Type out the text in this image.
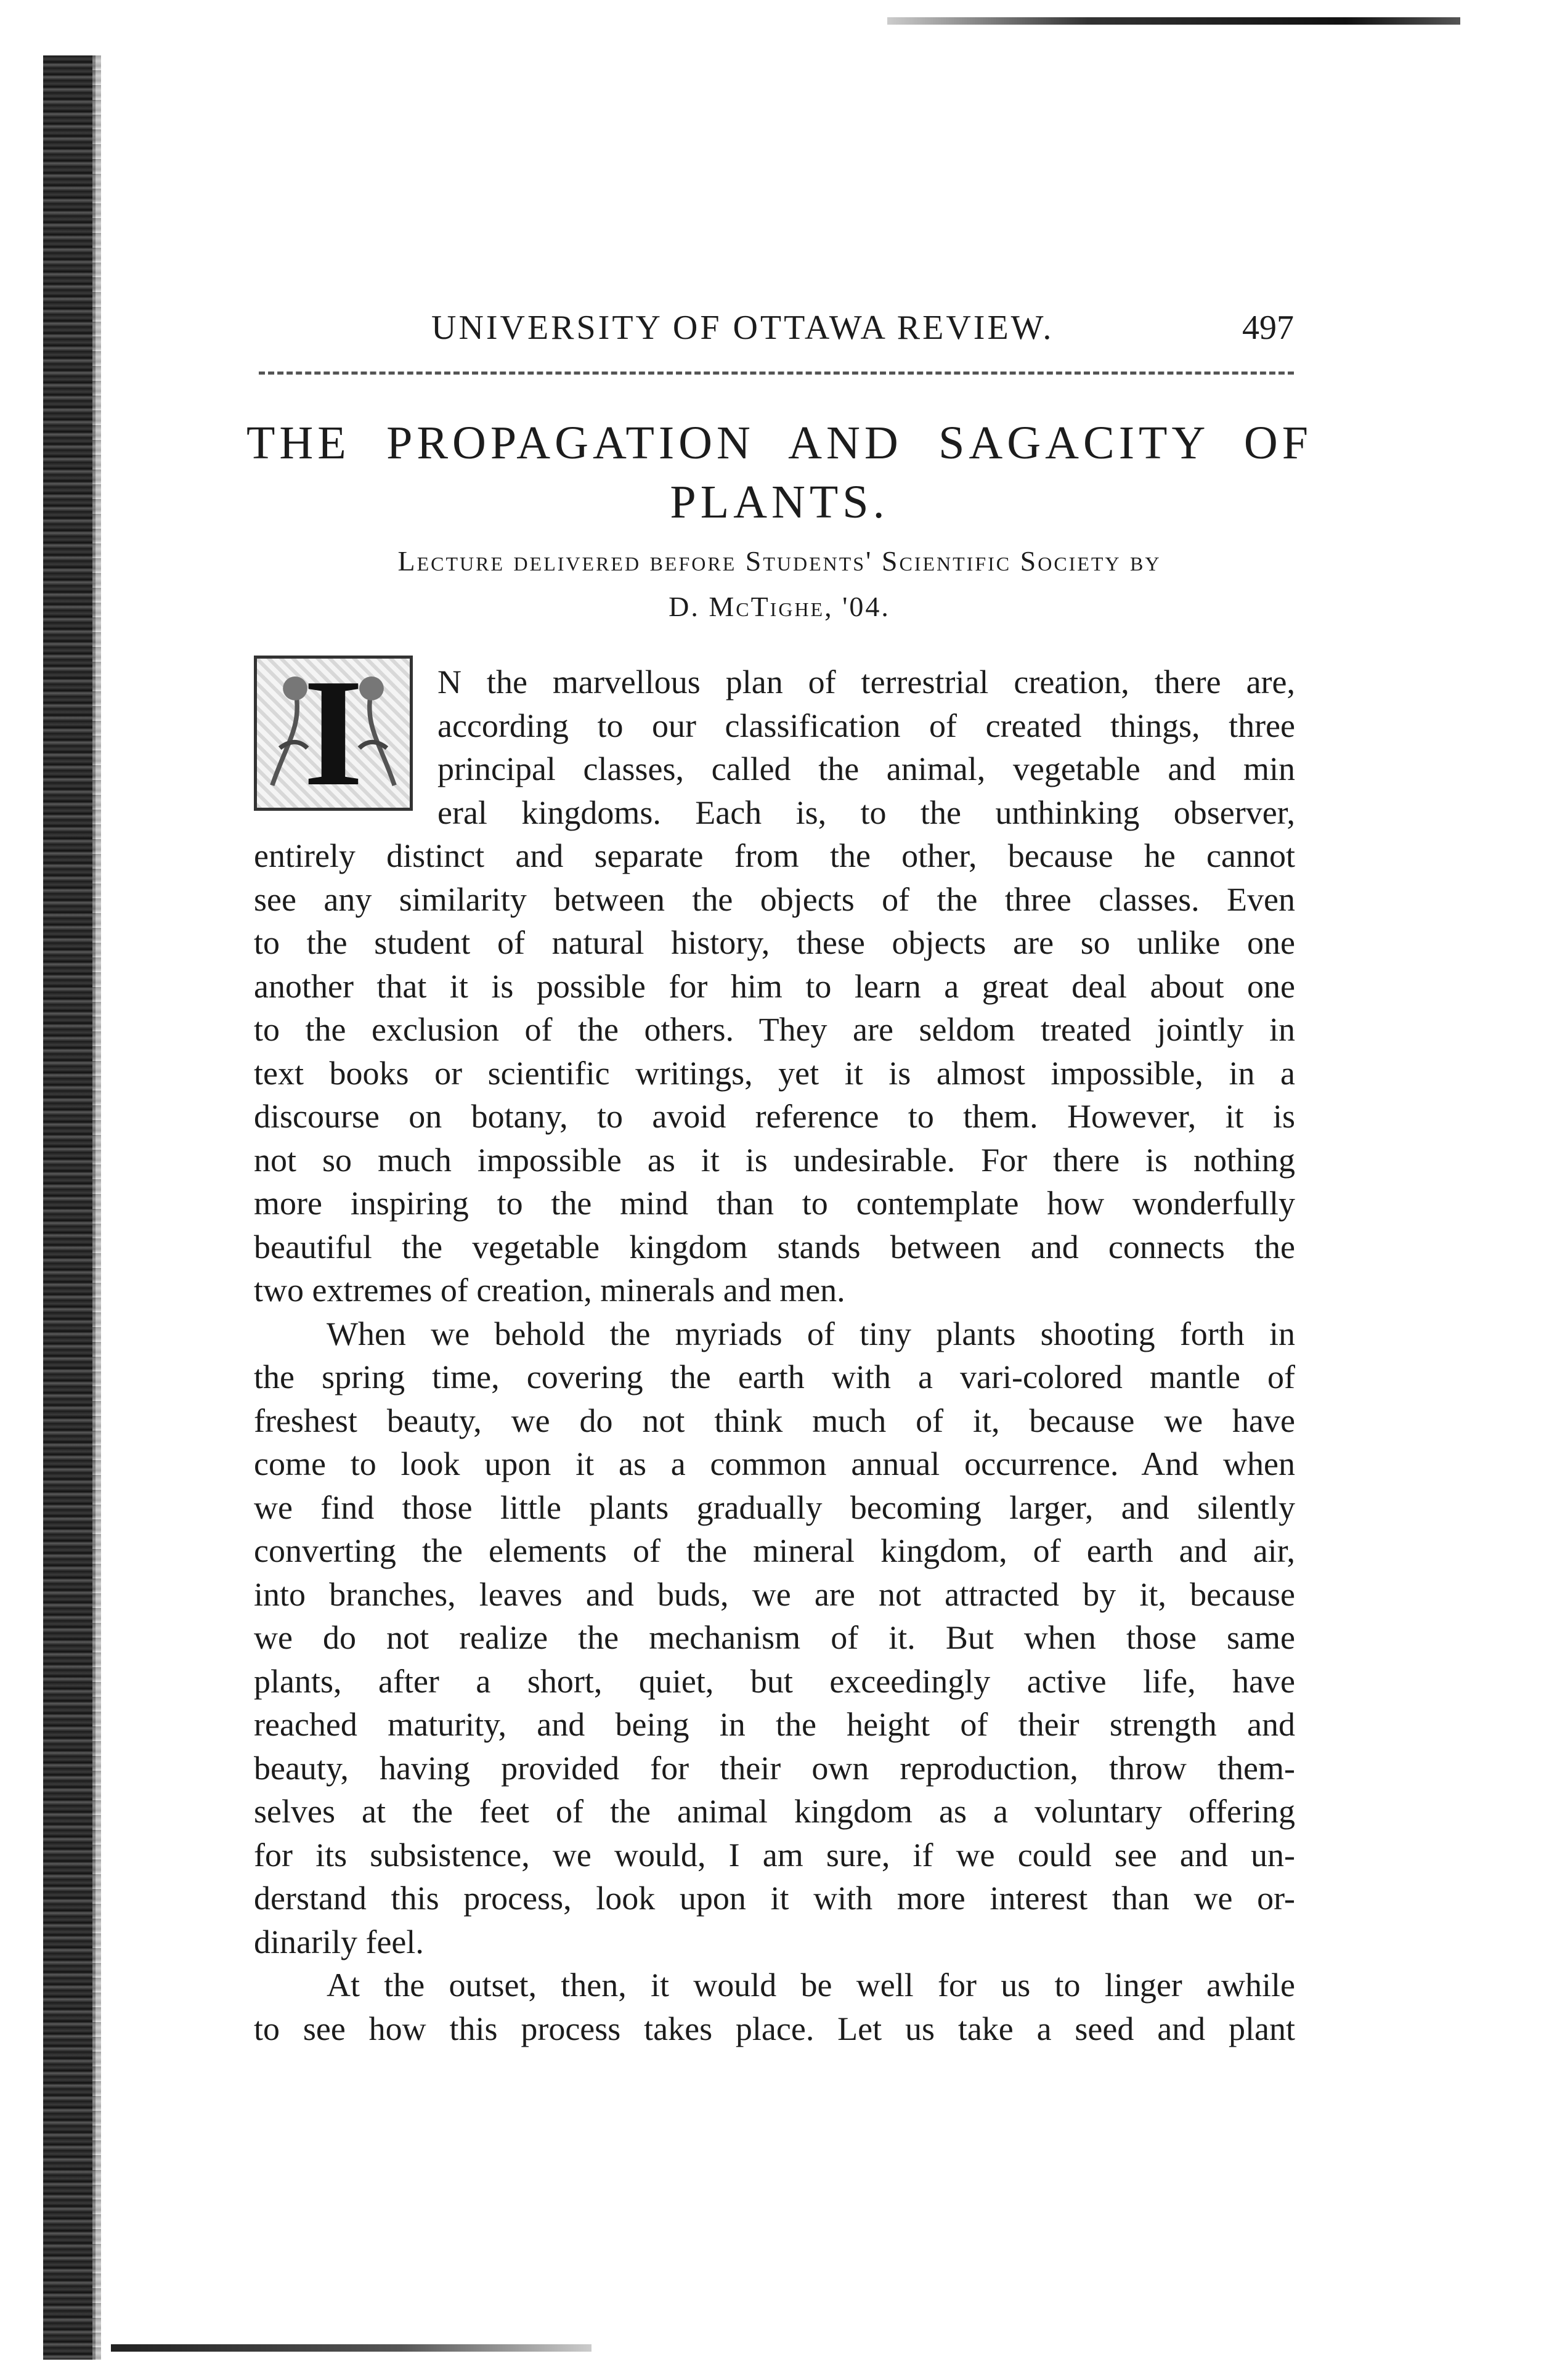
UNIVERSITY OF OTTAWA REVIEW.	497
THE PROPAGATION AND SAGACITY OF
PLANTS.
Lecture delivered before Students' Scientific Society by
D. McTighe, '04.
I	N the marvellous plan of terrestrial creation, there are,
according to our classification of created things, three
principal classes, called the animal, vegetable and min
eral kingdoms. Each is, to the unthinking observer,
entirely distinct and separate from the other, because he cannot
see any similarity between the objects of the three classes. Even
to the student of natural history, these objects are so unlike one
another that it is possible for him to learn a great deal about one
to the exclusion of the others. They are seldom treated jointly in
text books or scientific writings, yet it is almost impossible, in a
discourse on botany, to avoid reference to them. However, it is
not so much impossible as it is undesirable. For there is nothing
more inspiring to the mind than to contemplate how wonderfully
beautiful the vegetable kingdom stands between and connects the
two extremes of creation, minerals and men.
When we behold the myriads of tiny plants shooting forth in
the spring time, covering the earth with a vari-colored mantle of
freshest beauty, we do not think much of it, because we have
come to look upon it as a common annual occurrence. And when
we find those little plants gradually becoming larger, and silently
converting the elements of the mineral kingdom, of earth and air,
into branches, leaves and buds, we are not attracted by it, because
we do not realize the mechanism of it. But when those same
plants, after a short, quiet, but exceedingly active life, have
reached maturity, and being in the height of their strength and
beauty, having provided for their own reproduction, throw them-
selves at the feet of the animal kingdom as a voluntary offering
for its subsistence, we would, I am sure, if we could see and un-
derstand this process, look upon it with more interest than we or-
dinarily feel.
At the outset, then, it would be well for us to linger awhile
to see how this process takes place. Let us take a seed and plant
